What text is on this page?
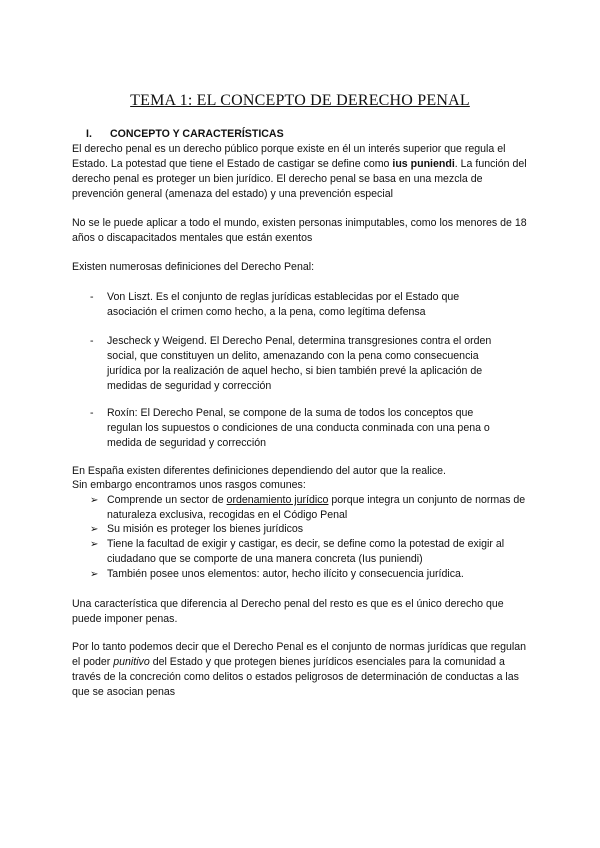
TEMA 1: EL CONCEPTO DE DERECHO PENAL
I. CONCEPTO Y CARACTERÍSTICAS

El derecho penal es un derecho público porque existe en él un interés superior que regula el Estado. La potestad que tiene el Estado de castigar se define como ius puniendi. La función del derecho penal es proteger un bien jurídico. El derecho penal se basa en una mezcla de prevención general (amenaza del estado) y una prevención especial

No se le puede aplicar a todo el mundo, existen personas inimputables, como los menores de 18 años o discapacitados mentales que están exentos

Existen numerosas definiciones del Derecho Penal:

- Von Liszt. Es el conjunto de reglas jurídicas establecidas por el Estado que asociación el crimen como hecho, a la pena, como legítima defensa
- Jescheck y Weigend. El Derecho Penal, determina transgresiones contra el orden social, que constituyen un delito, amenazando con la pena como consecuencia jurídica por la realización de aquel hecho, si bien también prevé la aplicación de medidas de seguridad y corrección
- Roxín: El Derecho Penal, se compone de la suma de todos los conceptos que regulan los supuestos o condiciones de una conducta conminada con una pena o medida de seguridad y corrección

En España existen diferentes definiciones dependiendo del autor que la realice.

Sin embargo encontramos unos rasgos comunes:

➢ Comprende un sector de ordenamiento jurídico porque integra un conjunto de normas de naturaleza exclusiva, recogidas en el Código Penal
➢ Su misión es proteger los bienes jurídicos
➢ Tiene la facultad de exigir y castigar, es decir, se define como la potestad de exigir al ciudadano que se comporte de una manera concreta (Ius puniendi)
➢ También posee unos elementos: autor, hecho ilícito y consecuencia jurídica.

Una característica que diferencia al Derecho penal del resto es que es el único derecho que puede imponer penas.

Por lo tanto podemos decir que el Derecho Penal es el conjunto de normas jurídicas que regulan el poder punitivo del Estado y que protegen bienes jurídicos esenciales para la comunidad a través de la concreción como delitos o estados peligrosos de determinación de conductas a las que se asocian penas
